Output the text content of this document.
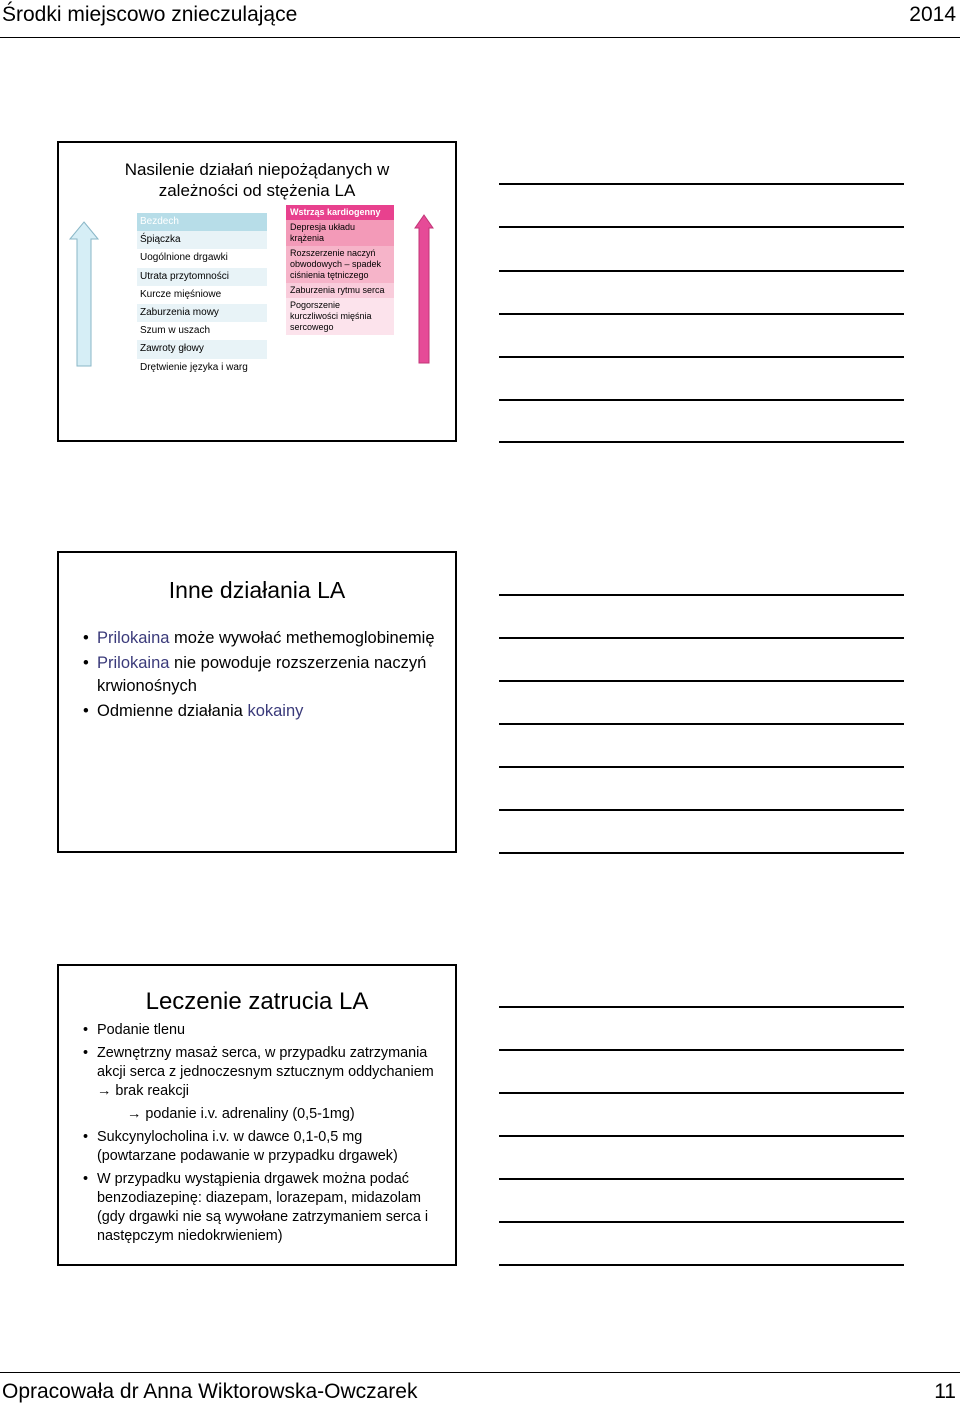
Środki miejscowo znieczulające	2014
Nasilenie działań niepożądanych w
zależności od stężenia LA
Bezdech
Śpiączka
Uogólnione drgawki
Utrata przytomności
Kurcze mięśniowe
Zaburzenia mowy
Szum w uszach
Zawroty głowy
Drętwienie języka i warg
Wstrząs kardiogenny
Depresja układu krążenia
Rozszerzenie naczyń obwodowych – spadek ciśnienia tętniczego
Zaburzenia rytmu serca
Pogorszenie kurczliwości mięśnia sercowego
Inne działania LA
• Prilokaina może wywołać methemoglobinemię
• Prilokaina nie powoduje rozszerzenia naczyń krwionośnych
• Odmienne działania kokainy
Leczenie zatrucia LA
• Podanie tlenu
• Zewnętrzny masaż serca, w przypadku zatrzymania akcji serca z jednoczesnym sztucznym oddychaniem → brak reakcji
→ podanie i.v. adrenaliny (0,5-1mg)
• Sukcynylocholina i.v. w dawce 0,1-0,5 mg (powtarzane podawanie w przypadku drgawek)
• W przypadku wystąpienia drgawek można podać benzodiazepinę: diazepam, lorazepam, midazolam (gdy drgawki nie są wywołane zatrzymaniem serca i następczym niedokrwieniem)
Opracowała dr Anna Wiktorowska-Owczarek	11
